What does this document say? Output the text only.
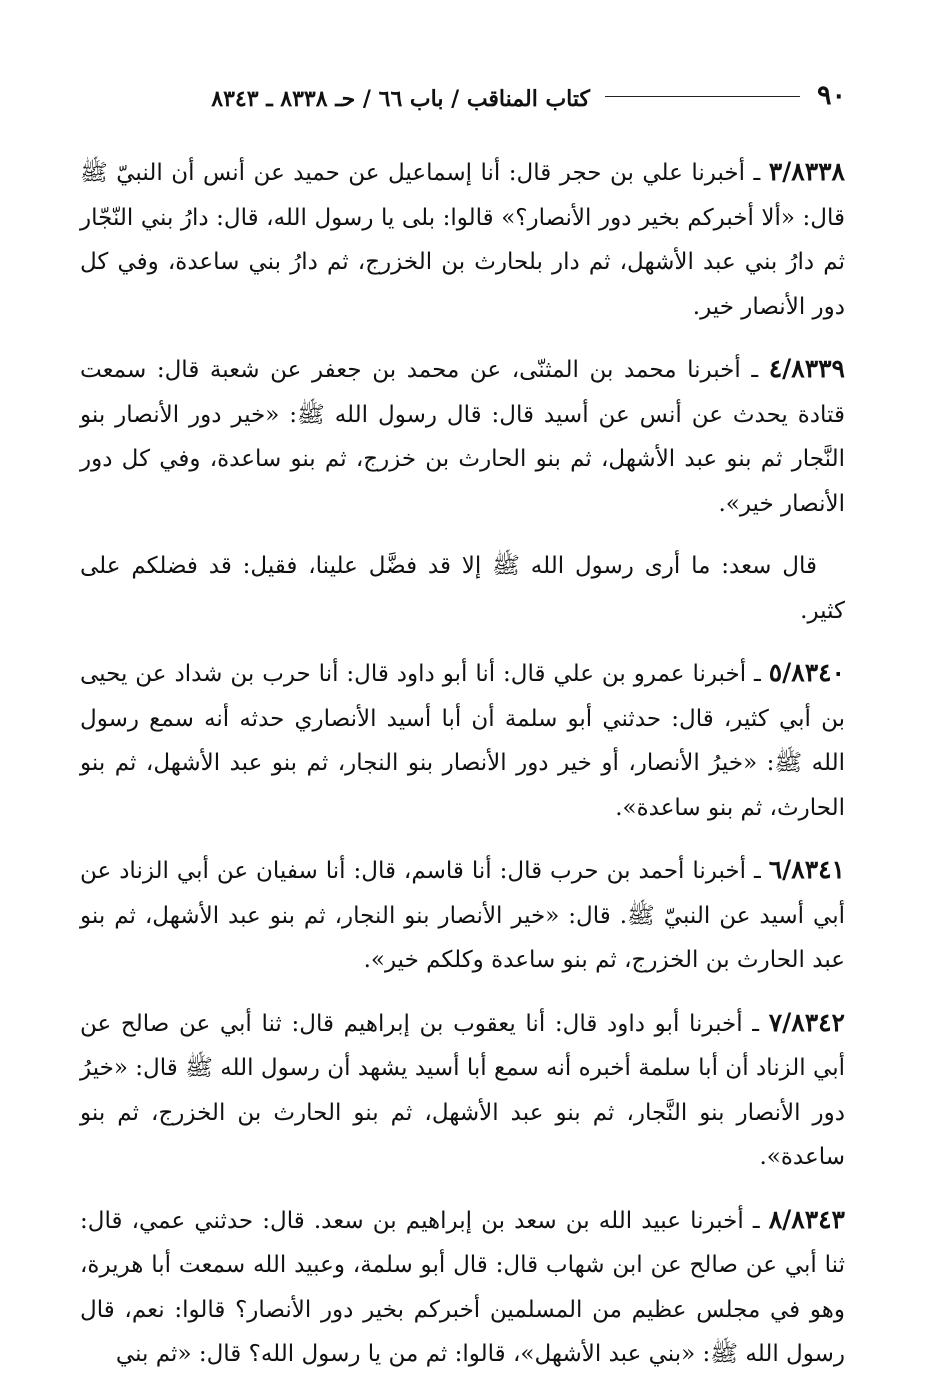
٩٠
كتاب المناقب / باب ٦٦ / حـ ٨٣٣٨ ـ ٨٣٤٣

٣/٨٣٣٨ ـ أخبرنا علي بن حجر قال: أنا إسماعيل عن حميد عن أنس أن النبيّ ﷺ قال: «ألا أخبركم بخير دور الأنصار؟» قالوا: بلى يا رسول الله، قال: دارُ بني النّجّار ثم دارُ بني عبد الأشهل، ثم دار بلحارث بن الخزرج، ثم دارُ بني ساعدة، وفي كل دور الأنصار خير.

٤/٨٣٣٩ ـ أخبرنا محمد بن المثنّى، عن محمد بن جعفر عن شعبة قال: سمعت قتادة يحدث عن أنس عن أسيد قال: قال رسول الله ﷺ: «خير دور الأنصار بنو النَّجار ثم بنو عبد الأشهل، ثم بنو الحارث بن خزرج، ثم بنو ساعدة، وفي كل دور الأنصار خير».

قال سعد: ما أرى رسول الله ﷺ إلا قد فضَّل علينا، فقيل: قد فضلكم على كثير.

٥/٨٣٤٠ ـ أخبرنا عمرو بن علي قال: أنا أبو داود قال: أنا حرب بن شداد عن يحيى بن أبي كثير، قال: حدثني أبو سلمة أن أبا أسيد الأنصاري حدثه أنه سمع رسول الله ﷺ: «خيرُ الأنصار، أو خير دور الأنصار بنو النجار، ثم بنو عبد الأشهل، ثم بنو الحارث، ثم بنو ساعدة».

٦/٨٣٤١ ـ أخبرنا أحمد بن حرب قال: أنا قاسم، قال: أنا سفيان عن أبي الزناد عن أبي أسيد عن النبيّ ﷺ. قال: «خير الأنصار بنو النجار، ثم بنو عبد الأشهل، ثم بنو عبد الحارث بن الخزرج، ثم بنو ساعدة وكلكم خير».

٧/٨٣٤٢ ـ أخبرنا أبو داود قال: أنا يعقوب بن إبراهيم قال: ثنا أبي عن صالح عن أبي الزناد أن أبا سلمة أخبره أنه سمع أبا أسيد يشهد أن رسول الله ﷺ قال: «خيرُ دور الأنصار بنو النَّجار، ثم بنو عبد الأشهل، ثم بنو الحارث بن الخزرج، ثم بنو ساعدة».

٨/٨٣٤٣ ـ أخبرنا عبيد الله بن سعد بن إبراهيم بن سعد. قال: حدثني عمي، قال: ثنا أبي عن صالح عن ابن شهاب قال: قال أبو سلمة، وعبيد الله سمعت أبا هريرة، وهو في مجلس عظيم من المسلمين أخبركم بخير دور الأنصار؟ قالوا: نعم، قال رسول الله ﷺ: «بني عبد الأشهل»، قالوا: ثم من يا رسول الله؟ قال: «ثم بني
